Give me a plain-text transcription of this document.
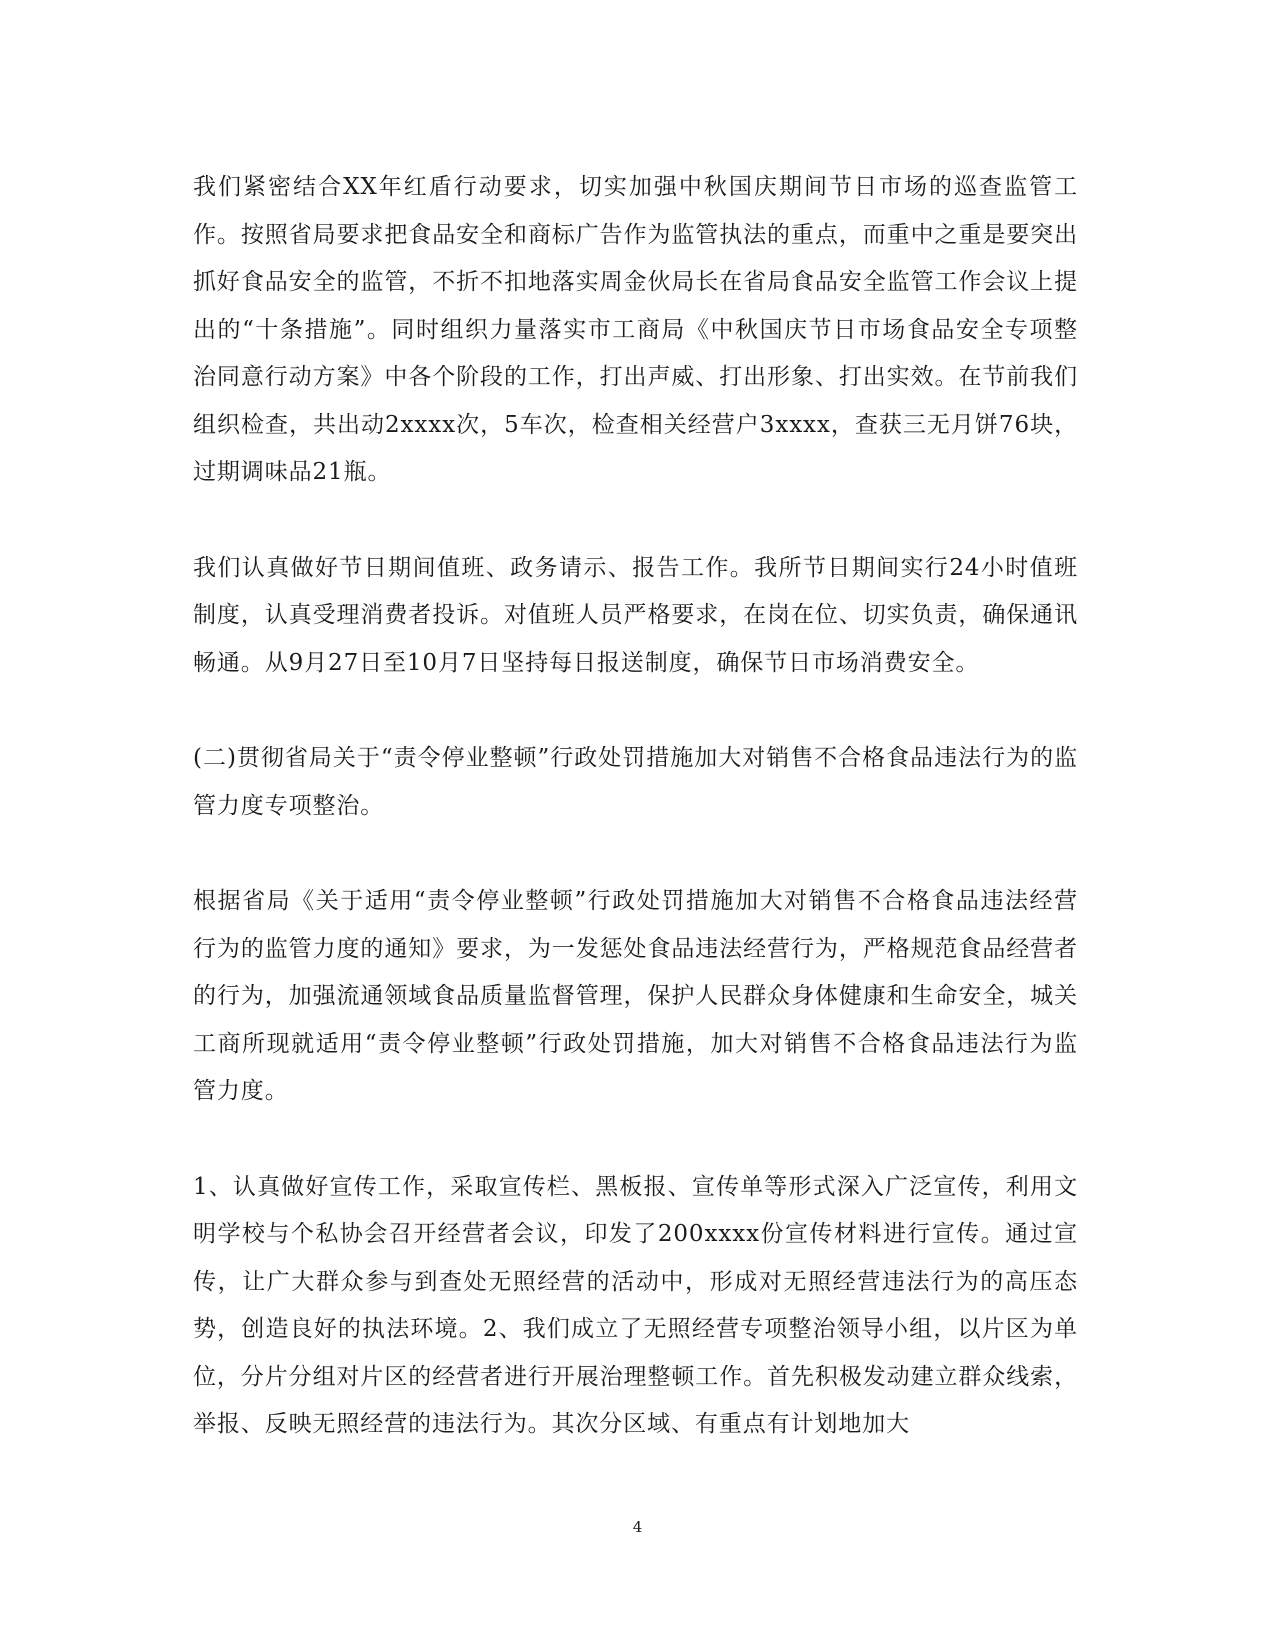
我们紧密结合XX年红盾行动要求，切实加强中秋国庆期间节日市场的巡查监管工作。按照省局要求把食品安全和商标广告作为监管执法的重点，而重中之重是要突出抓好食品安全的监管，不折不扣地落实周金伙局长在省局食品安全监管工作会议上提出的“十条措施”。同时组织力量落实市工商局《中秋国庆节日市场食品安全专项整治同意行动方案》中各个阶段的工作，打出声威、打出形象、打出实效。在节前我们组织检查，共出动2xxxx次，5车次，检查相关经营户3xxxx，查获三无月饼76块，过期调味品21瓶。

我们认真做好节日期间值班、政务请示、报告工作。我所节日期间实行24小时值班制度，认真受理消费者投诉。对值班人员严格要求，在岗在位、切实负责，确保通讯畅通。从9月27日至10月7日坚持每日报送制度，确保节日市场消费安全。

(二)贯彻省局关于“责令停业整顿”行政处罚措施加大对销售不合格食品违法行为的监管力度专项整治。

根据省局《关于适用“责令停业整顿”行政处罚措施加大对销售不合格食品违法经营行为的监管力度的通知》要求，为一发惩处食品违法经营行为，严格规范食品经营者的行为，加强流通领域食品质量监督管理，保护人民群众身体健康和生命安全，城关工商所现就适用“责令停业整顿”行政处罚措施，加大对销售不合格食品违法行为监管力度。

1、认真做好宣传工作，采取宣传栏、黑板报、宣传单等形式深入广泛宣传，利用文明学校与个私协会召开经营者会议，印发了200xxxx份宣传材料进行宣传。通过宣传，让广大群众参与到查处无照经营的活动中，形成对无照经营违法行为的高压态势，创造良好的执法环境。2、我们成立了无照经营专项整治领导小组，以片区为单位，分片分组对片区的经营者进行开展治理整顿工作。首先积极发动建立群众线索，举报、反映无照经营的违法行为。其次分区域、有重点有计划地加大

4
